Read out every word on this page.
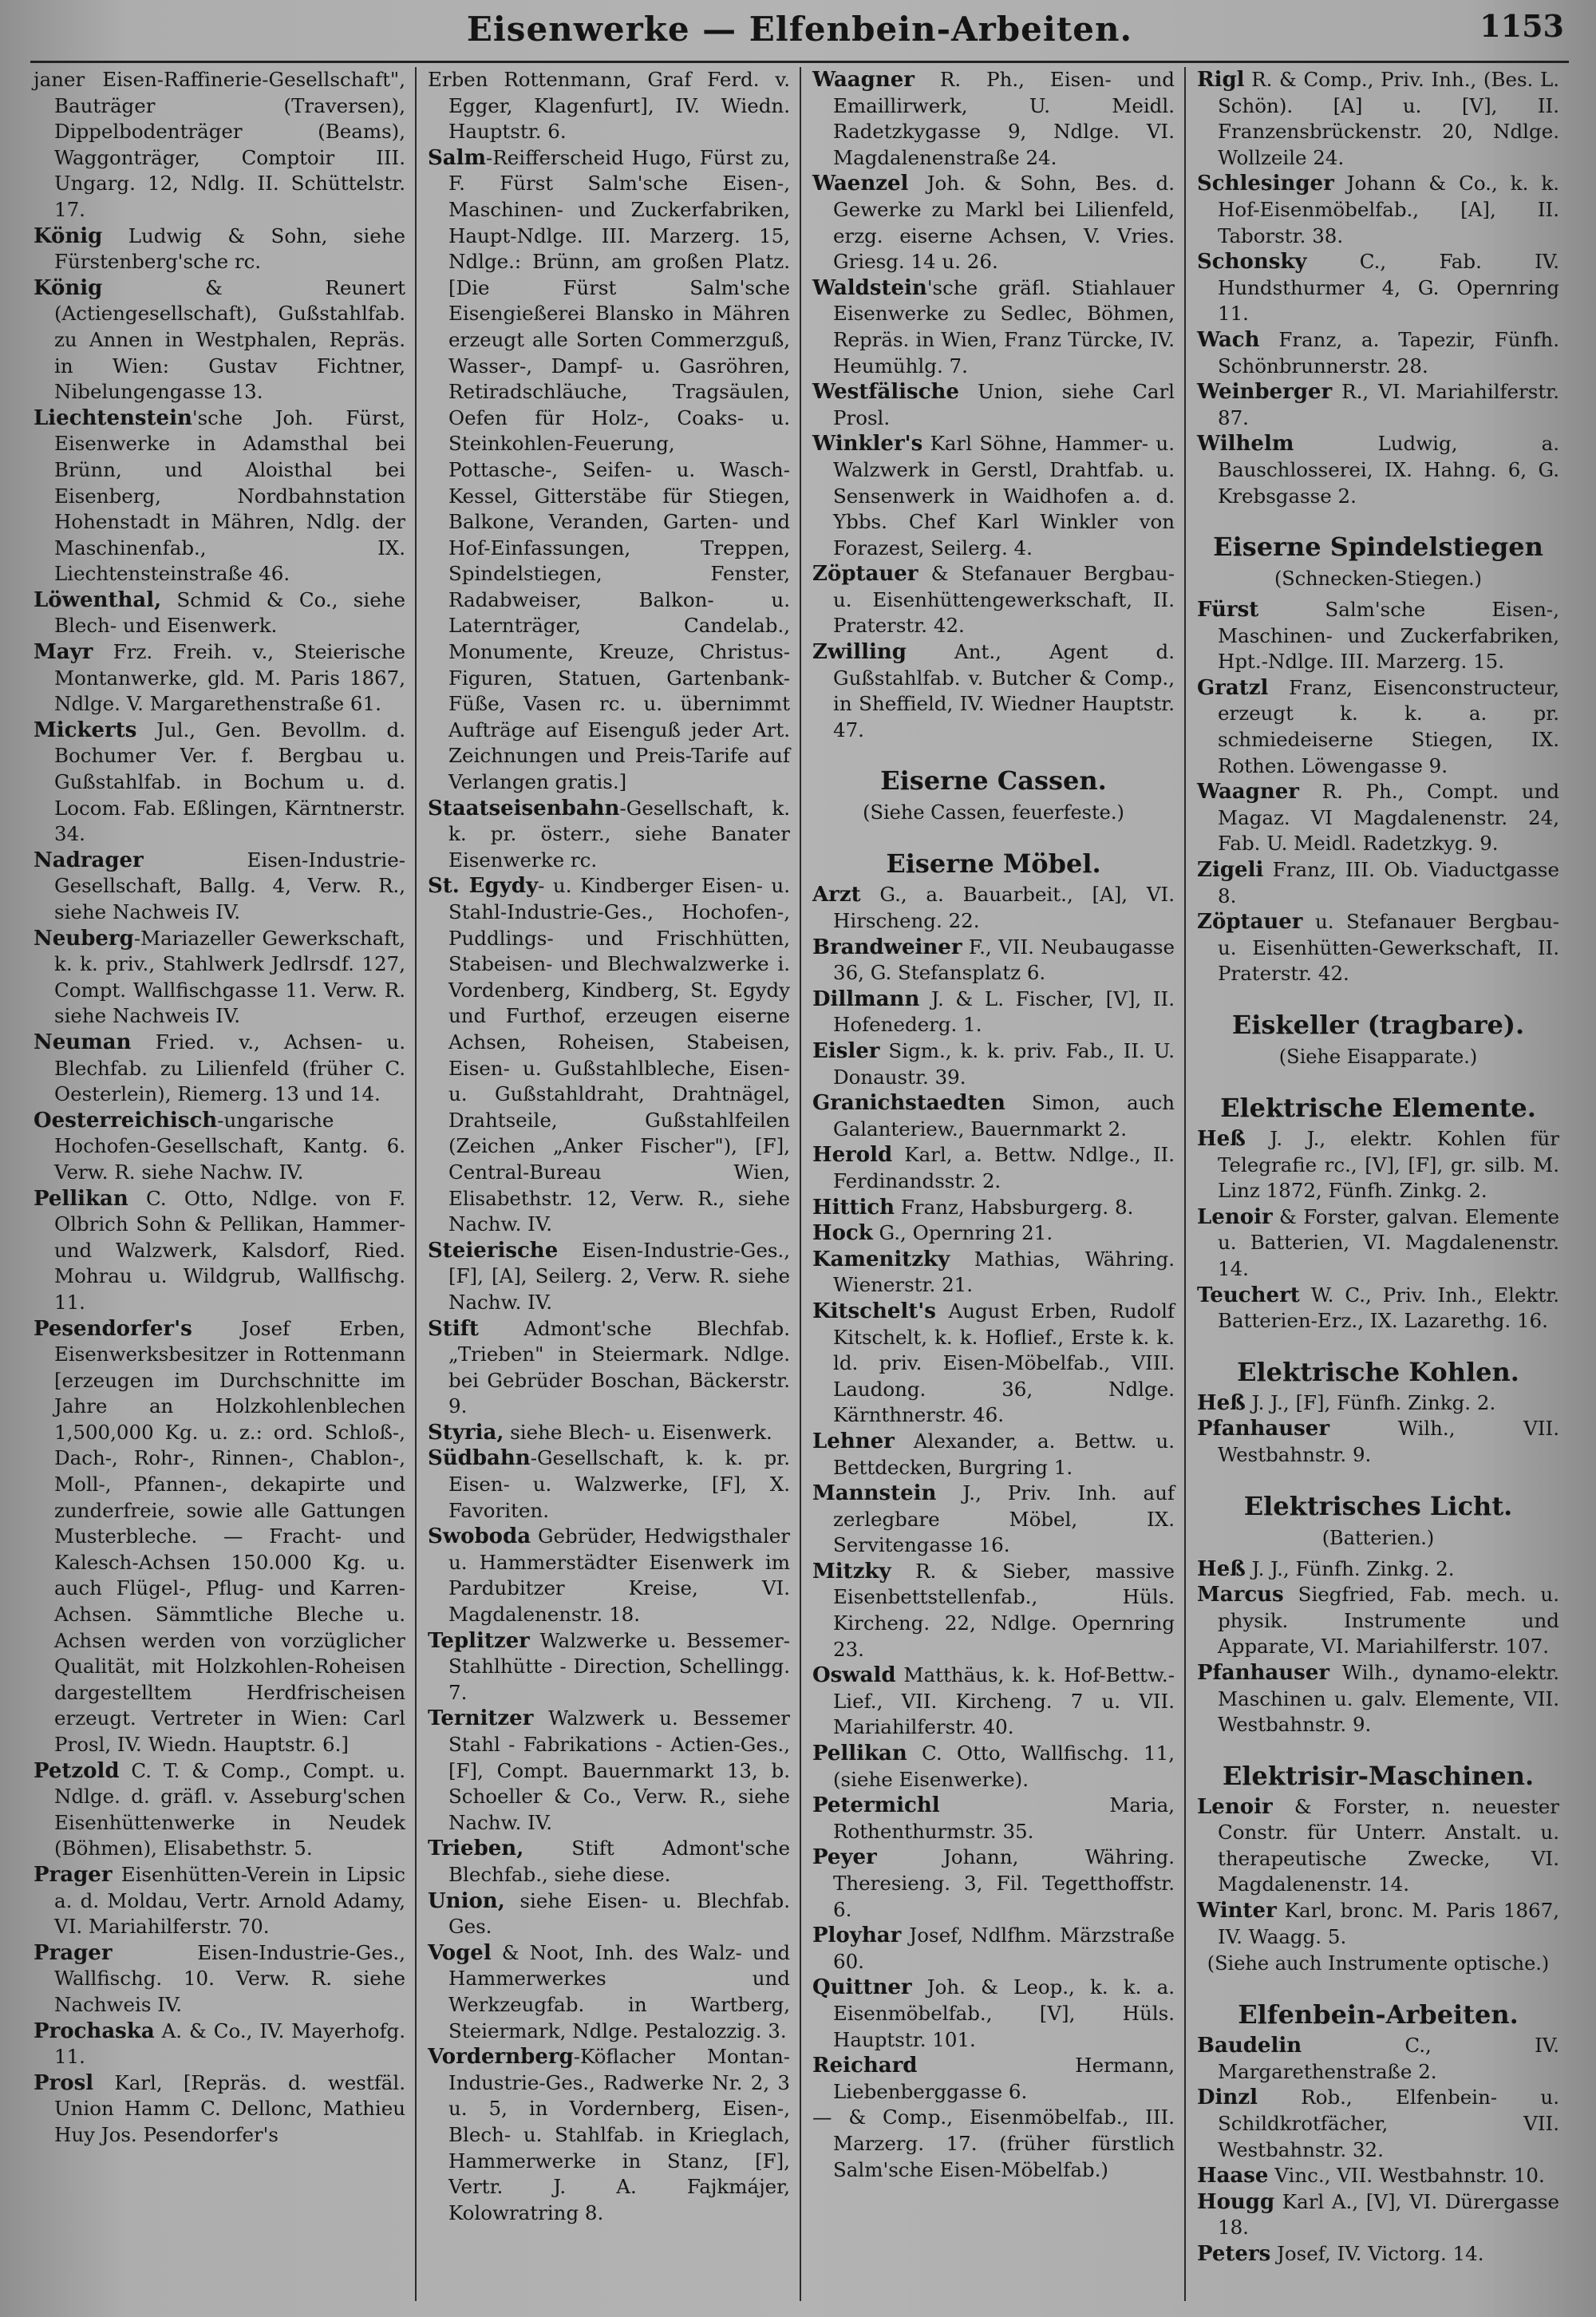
Eisenwerke — Elfenbein-Arbeiten.	1153

janer Eisen-Raffinerie-Gesellschaft", Bauträger (Traversen), Dippelbodenträger (Beams), Waggonträger, Comptoir III. Ungarg. 12, Ndlg. II. Schüttelstr. 17.

König Ludwig & Sohn, siehe Fürstenberg'sche rc.

König & Reunert (Actiengesellschaft), Gußstahlfab. zu Annen in Westphalen, Repräs. in Wien: Gustav Fichtner, Nibelungengasse 13.

Liechtenstein'sche Joh. Fürst, Eisenwerke in Adamsthal bei Brünn, und Aloisthal bei Eisenberg, Nordbahnstation Hohenstadt in Mähren, Ndlg. der Maschinenfab., IX. Liechtensteinstraße 46.

Löwenthal, Schmid & Co., siehe Blech- und Eisenwerk.

Mayr Frz. Freih. v., Steierische Montanwerke, gld. M. Paris 1867, Ndlge. V. Margarethenstraße 61.

Mickerts Jul., Gen. Bevollm. d. Bochumer Ver. f. Bergbau u. Gußstahlfab. in Bochum u. d. Locom. Fab. Eßlingen, Kärntnerstr. 34.

Nadrager Eisen-Industrie-Gesellschaft, Ballg. 4, Verw. R., siehe Nachweis IV.

Neuberg-Mariazeller Gewerkschaft, k. k. priv., Stahlwerk Jedlrsdf. 127, Compt. Wallfischgasse 11. Verw. R. siehe Nachweis IV.

Neuman Fried. v., Achsen- u. Blechfab. zu Lilienfeld (früher C. Oesterlein), Riemerg. 13 und 14.

Oesterreichisch-ungarische Hochofen-Gesellschaft, Kantg. 6. Verw. R. siehe Nachw. IV.

Pellikan C. Otto, Ndlge. von F. Olbrich Sohn & Pellikan, Hammer- und Walzwerk, Kalsdorf, Ried. Mohrau u. Wildgrub, Wallfischg. 11.

Pesendorfer's Josef Erben, Eisenwerksbesitzer in Rottenmann [erzeugen im Durchschnitte im Jahre an Holzkohlenblechen 1,500,000 Kg. u. z.: ord. Schloß-, Dach-, Rohr-, Rinnen-, Chablon-, Moll-, Pfannen-, dekapirte und zunderfreie, sowie alle Gattungen Musterbleche. — Fracht- und Kalesch-Achsen 150.000 Kg. u. auch Flügel-, Pflug- und Karren-Achsen. Sämmtliche Bleche u. Achsen werden von vorzüglicher Qualität, mit Holzkohlen-Roheisen dargestelltem Herdfrischeisen erzeugt. Vertreter in Wien: Carl Prosl, IV. Wiedn. Hauptstr. 6.]

Petzold C. T. & Comp., Compt. u. Ndlge. d. gräfl. v. Asseburg'schen Eisenhüttenwerke in Neudek (Böhmen), Elisabethstr. 5.

Prager Eisenhütten-Verein in Lipsic a. d. Moldau, Vertr. Arnold Adamy, VI. Mariahilferstr. 70.

Prager Eisen-Industrie-Ges., Wallfischg. 10. Verw. R. siehe Nachweis IV.

Prochaska A. & Co., IV. Mayerhofg. 11.

Prosl Karl, [Repräs. d. westfäl. Union Hamm C. Dellonc, Mathieu Huy Jos. Pesendorfer's

Erben Rottenmann, Graf Ferd. v. Egger, Klagenfurt], IV. Wiedn. Hauptstr. 6.

Salm-Reifferscheid Hugo, Fürst zu, F. Fürst Salm'sche Eisen-, Maschinen- und Zuckerfabriken, Haupt-Ndlge. III. Marzerg. 15, Ndlge.: Brünn, am großen Platz. [Die Fürst Salm'sche Eisengießerei Blansko in Mähren erzeugt alle Sorten Commerzguß, Wasser-, Dampf- u. Gasröhren, Retiradschläuche, Tragsäulen, Oefen für Holz-, Coaks- u. Steinkohlen-Feuerung, Pottasche-, Seifen- u. Wasch-Kessel, Gitterstäbe für Stiegen, Balkone, Veranden, Garten- und Hof-Einfassungen, Treppen, Spindelstiegen, Fenster, Radabweiser, Balkon- u. Laternträger, Candelab., Monumente, Kreuze, Christus-Figuren, Statuen, Gartenbank-Füße, Vasen rc. u. übernimmt Aufträge auf Eisenguß jeder Art. Zeichnungen und Preis-Tarife auf Verlangen gratis.]

Staatseisenbahn-Gesellschaft, k. k. pr. österr., siehe Banater Eisenwerke rc.

St. Egydy- u. Kindberger Eisen- u. Stahl-Industrie-Ges., Hochofen-, Puddlings- und Frischhütten, Stabeisen- und Blechwalzwerke i. Vordenberg, Kindberg, St. Egydy und Furthof, erzeugen eiserne Achsen, Roheisen, Stabeisen, Eisen- u. Gußstahlbleche, Eisen- u. Gußstahldraht, Drahtnägel, Drahtseile, Gußstahlfeilen (Zeichen „Anker Fischer"), [F], Central-Bureau Wien, Elisabethstr. 12, Verw. R., siehe Nachw. IV.

Steierische Eisen-Industrie-Ges., [F], [A], Seilerg. 2, Verw. R. siehe Nachw. IV.

Stift Admont'sche Blechfab. „Trieben" in Steiermark. Ndlge. bei Gebrüder Boschan, Bäckerstr. 9.

Styria, siehe Blech- u. Eisenwerk.

Südbahn-Gesellschaft, k. k. pr. Eisen- u. Walzwerke, [F], X. Favoriten.

Swoboda Gebrüder, Hedwigsthaler u. Hammerstädter Eisenwerk im Pardubitzer Kreise, VI. Magdalenenstr. 18.

Teplitzer Walzwerke u. Bessemer-Stahlhütte - Direction, Schellingg. 7.

Ternitzer Walzwerk u. Bessemer Stahl - Fabrikations - Actien-Ges., [F], Compt. Bauernmarkt 13, b. Schoeller & Co., Verw. R., siehe Nachw. IV.

Trieben, Stift Admont'sche Blechfab., siehe diese.

Union, siehe Eisen- u. Blechfab. Ges.

Vogel & Noot, Inh. des Walz- und Hammerwerkes und Werkzeugfab. in Wartberg, Steiermark, Ndlge. Pestalozzig. 3.

Vordernberg-Köflacher Montan-Industrie-Ges., Radwerke Nr. 2, 3 u. 5, in Vordernberg, Eisen-, Blech- u. Stahlfab. in Krieglach, Hammerwerke in Stanz, [F], Vertr. J. A. Fajkmájer, Kolowratring 8.

Waagner R. Ph., Eisen- und Emaillirwerk, U. Meidl. Radetzkygasse 9, Ndlge. VI. Magdalenenstraße 24.

Waenzel Joh. & Sohn, Bes. d. Gewerke zu Markl bei Lilienfeld, erzg. eiserne Achsen, V. Vries. Griesg. 14 u. 26.

Waldstein'sche gräfl. Stiahlauer Eisenwerke zu Sedlec, Böhmen, Repräs. in Wien, Franz Türcke, IV. Heumühlg. 7.

Westfälische Union, siehe Carl Prosl.

Winkler's Karl Söhne, Hammer- u. Walzwerk in Gerstl, Drahtfab. u. Sensenwerk in Waidhofen a. d. Ybbs. Chef Karl Winkler von Forazest, Seilerg. 4.

Zöptauer & Stefanauer Bergbau- u. Eisenhüttengewerkschaft, II. Praterstr. 42.

Zwilling Ant., Agent d. Gußstahlfab. v. Butcher & Comp., in Sheffield, IV. Wiedner Hauptstr. 47.

Eiserne Cassen.
(Siehe Cassen, feuerfeste.)
Eiserne Möbel.

Arzt G., a. Bauarbeit., [A], VI. Hirscheng. 22.

Brandweiner F., VII. Neubaugasse 36, G. Stefansplatz 6.

Dillmann J. & L. Fischer, [V], II. Hofenederg. 1.

Eisler Sigm., k. k. priv. Fab., II. U. Donaustr. 39.

Granichstaedten Simon, auch Galanteriew., Bauernmarkt 2.

Herold Karl, a. Bettw. Ndlge., II. Ferdinandsstr. 2.

Hittich Franz, Habsburgerg. 8.

Hock G., Opernring 21.

Kamenitzky Mathias, Währing. Wienerstr. 21.

Kitschelt's August Erben, Rudolf Kitschelt, k. k. Hoflief., Erste k. k. ld. priv. Eisen-Möbelfab., VIII. Laudong. 36, Ndlge. Kärnthnerstr. 46.

Lehner Alexander, a. Bettw. u. Bettdecken, Burgring 1.

Mannstein J., Priv. Inh. auf zerlegbare Möbel, IX. Servitengasse 16.

Mitzky R. & Sieber, massive Eisenbettstellenfab., Hüls. Kircheng. 22, Ndlge. Opernring 23.

Oswald Matthäus, k. k. Hof-Bettw.-Lief., VII. Kircheng. 7 u. VII. Mariahilferstr. 40.

Pellikan C. Otto, Wallfischg. 11, (siehe Eisenwerke).

Petermichl Maria, Rothenthurmstr. 35.

Peyer Johann, Währing. Theresieng. 3, Fil. Tegetthoffstr. 6.

Ployhar Josef, Ndlfhm. Märzstraße 60.

Quittner Joh. & Leop., k. k. a. Eisenmöbelfab., [V], Hüls. Hauptstr. 101.

Reichard Hermann, Liebenberggasse 6.

— & Comp., Eisenmöbelfab., III. Marzerg. 17. (früher fürstlich Salm'sche Eisen-Möbelfab.)

Rigl R. & Comp., Priv. Inh., (Bes. L. Schön). [A] u. [V], II. Franzensbrückenstr. 20, Ndlge. Wollzeile 24.

Schlesinger Johann & Co., k. k. Hof-Eisenmöbelfab., [A], II. Taborstr. 38.

Schonsky C., Fab. IV. Hundsthurmer 4, G. Opernring 11.

Wach Franz, a. Tapezir, Fünfh. Schönbrunnerstr. 28.

Weinberger R., VI. Mariahilferstr. 87.

Wilhelm Ludwig, a. Bauschlosserei, IX. Hahng. 6, G. Krebsgasse 2.

Eiserne Spindelstiegen
(Schnecken-Stiegen.)

Fürst Salm'sche Eisen-, Maschinen- und Zuckerfabriken, Hpt.-Ndlge. III. Marzerg. 15.

Gratzl Franz, Eisenconstructeur, erzeugt k. k. a. pr. schmiedeiserne Stiegen, IX. Rothen. Löwengasse 9.

Waagner R. Ph., Compt. und Magaz. VI Magdalenenstr. 24, Fab. U. Meidl. Radetzkyg. 9.

Zigeli Franz, III. Ob. Viaductgasse 8.

Zöptauer u. Stefanauer Bergbau- u. Eisenhütten-Gewerkschaft, II. Praterstr. 42.

Eiskeller (tragbare).
(Siehe Eisapparate.)
Elektrische Elemente.

Heß J. J., elektr. Kohlen für Telegrafie rc., [V], [F], gr. silb. M. Linz 1872, Fünfh. Zinkg. 2.

Lenoir & Forster, galvan. Elemente u. Batterien, VI. Magdalenenstr. 14.

Teuchert W. C., Priv. Inh., Elektr. Batterien-Erz., IX. Lazarethg. 16.

Elektrische Kohlen.

Heß J. J., [F], Fünfh. Zinkg. 2.

Pfanhauser Wilh., VII. Westbahnstr. 9.

Elektrisches Licht.
(Batterien.)

Heß J. J., Fünfh. Zinkg. 2.

Marcus Siegfried, Fab. mech. u. physik. Instrumente und Apparate, VI. Mariahilferstr. 107.

Pfanhauser Wilh., dynamo-elektr. Maschinen u. galv. Elemente, VII. Westbahnstr. 9.

Elektrisir-Maschinen.

Lenoir & Forster, n. neuester Constr. für Unterr. Anstalt. u. therapeutische Zwecke, VI. Magdalenenstr. 14.

Winter Karl, bronc. M. Paris 1867, IV. Waagg. 5.

(Siehe auch Instrumente optische.)
Elfenbein-Arbeiten.

Baudelin C., IV. Margarethenstraße 2.

Dinzl Rob., Elfenbein- u. Schildkrotfächer, VII. Westbahnstr. 32.

Haase Vinc., VII. Westbahnstr. 10.

Hougg Karl A., [V], VI. Dürergasse 18.

Peters Josef, IV. Victorg. 14.
